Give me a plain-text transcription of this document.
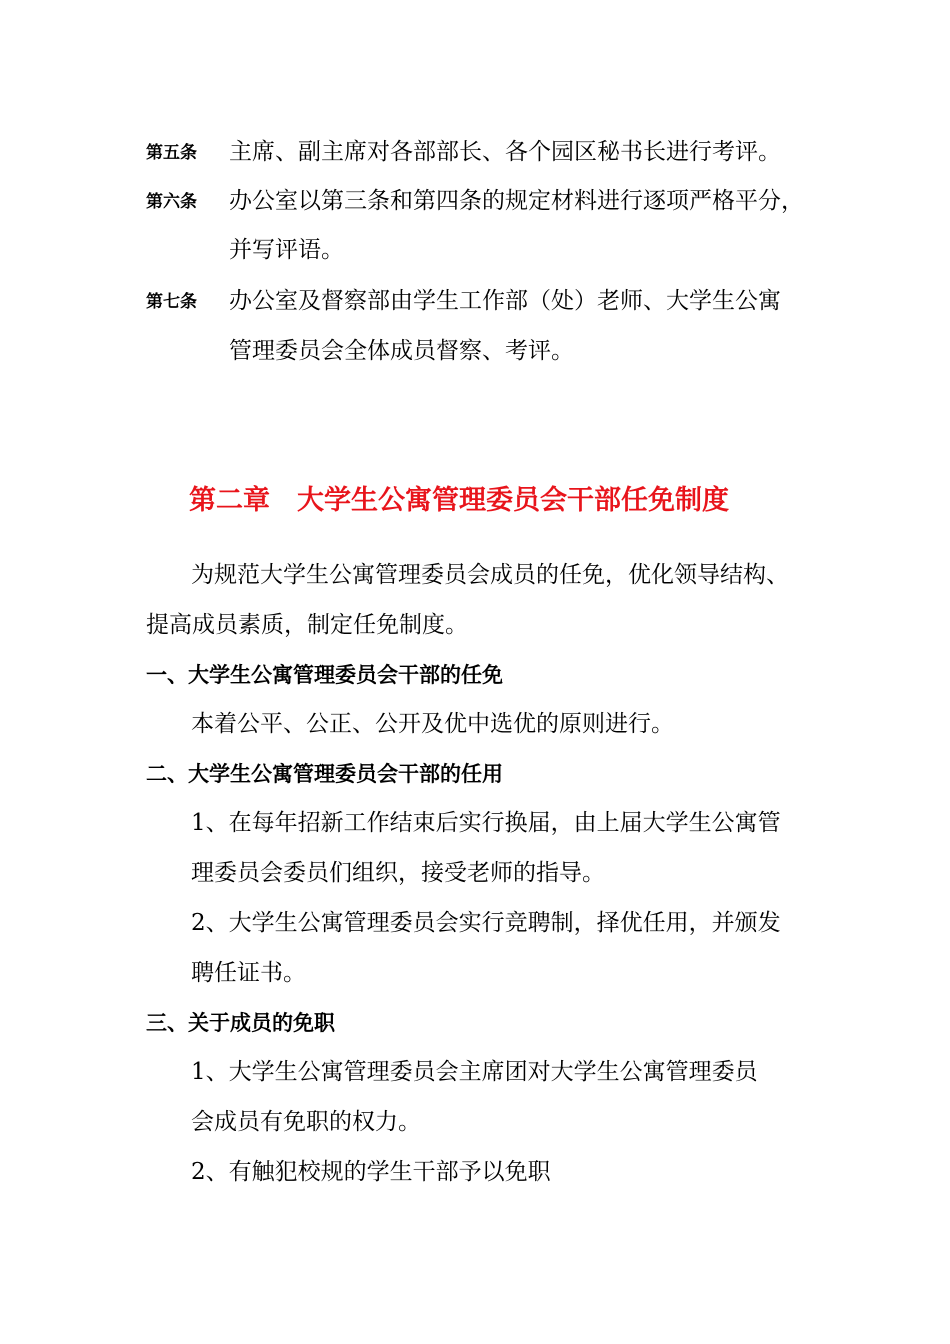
第五条 主席、副主席对各部部长、各个园区秘书长进行考评。
第六条 办公室以第三条和第四条的规定材料进行逐项严格平分，
并写评语。
第七条 办公室及督察部由学生工作部（处）老师、大学生公寓
管理委员会全体成员督察、考评。
第二章　大学生公寓管理委员会干部任免制度
为规范大学生公寓管理委员会成员的任免，优化领导结构、
提高成员素质，制定任免制度。
一、大学生公寓管理委员会干部的任免
本着公平、公正、公开及优中选优的原则进行。
二、大学生公寓管理委员会干部的任用
1、在每年招新工作结束后实行换届，由上届大学生公寓管
理委员会委员们组织，接受老师的指导。
2、大学生公寓管理委员会实行竞聘制，择优任用，并颁发
聘任证书。
三、关于成员的免职
1、大学生公寓管理委员会主席团对大学生公寓管理委员
会成员有免职的权力。
2、有触犯校规的学生干部予以免职
